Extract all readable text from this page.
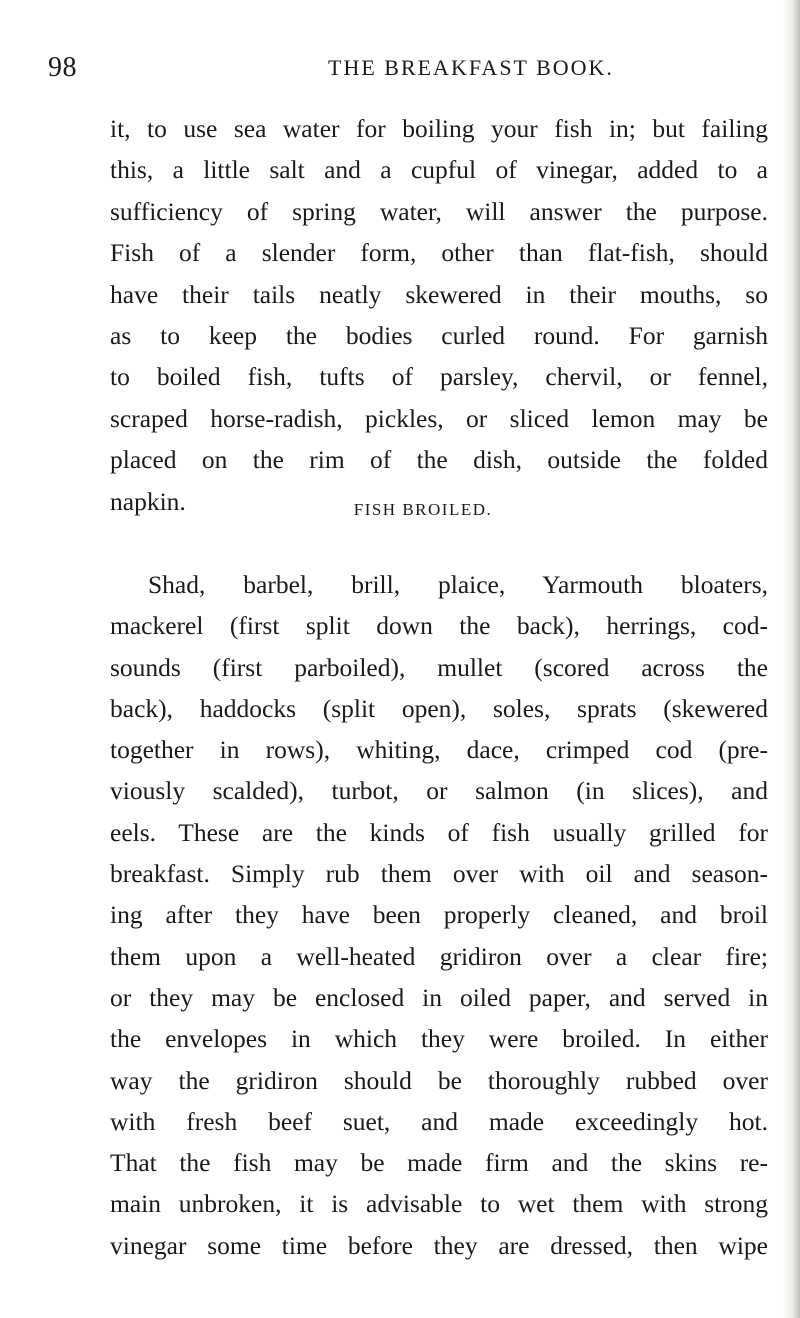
98	THE BREAKFAST BOOK.
it, to use sea water for boiling your fish in; but failing
this, a little salt and a cupful of vinegar, added to a
sufficiency of spring water, will answer the purpose.
Fish of a slender form, other than flat-fish, should
have their tails neatly skewered in their mouths, so
as to keep the bodies curled round. For garnish
to boiled fish, tufts of parsley, chervil, or fennel,
scraped horse-radish, pickles, or sliced lemon may be
placed on the rim of the dish, outside the folded
napkin.	FISH BROILED.
Shad, barbel, brill, plaice, Yarmouth bloaters,
mackerel (first split down the back), herrings, cod-
sounds (first parboiled), mullet (scored across the
back), haddocks (split open), soles, sprats (skewered
together in rows), whiting, dace, crimped cod (pre-
viously scalded), turbot, or salmon (in slices), and
eels. These are the kinds of fish usually grilled for
breakfast. Simply rub them over with oil and season-
ing after they have been properly cleaned, and broil
them upon a well-heated gridiron over a clear fire;
or they may be enclosed in oiled paper, and served in
the envelopes in which they were broiled. In either
way the gridiron should be thoroughly rubbed over
with fresh beef suet, and made exceedingly hot.
That the fish may be made firm and the skins re-
main unbroken, it is advisable to wet them with strong
vinegar some time before they are dressed, then wipe
